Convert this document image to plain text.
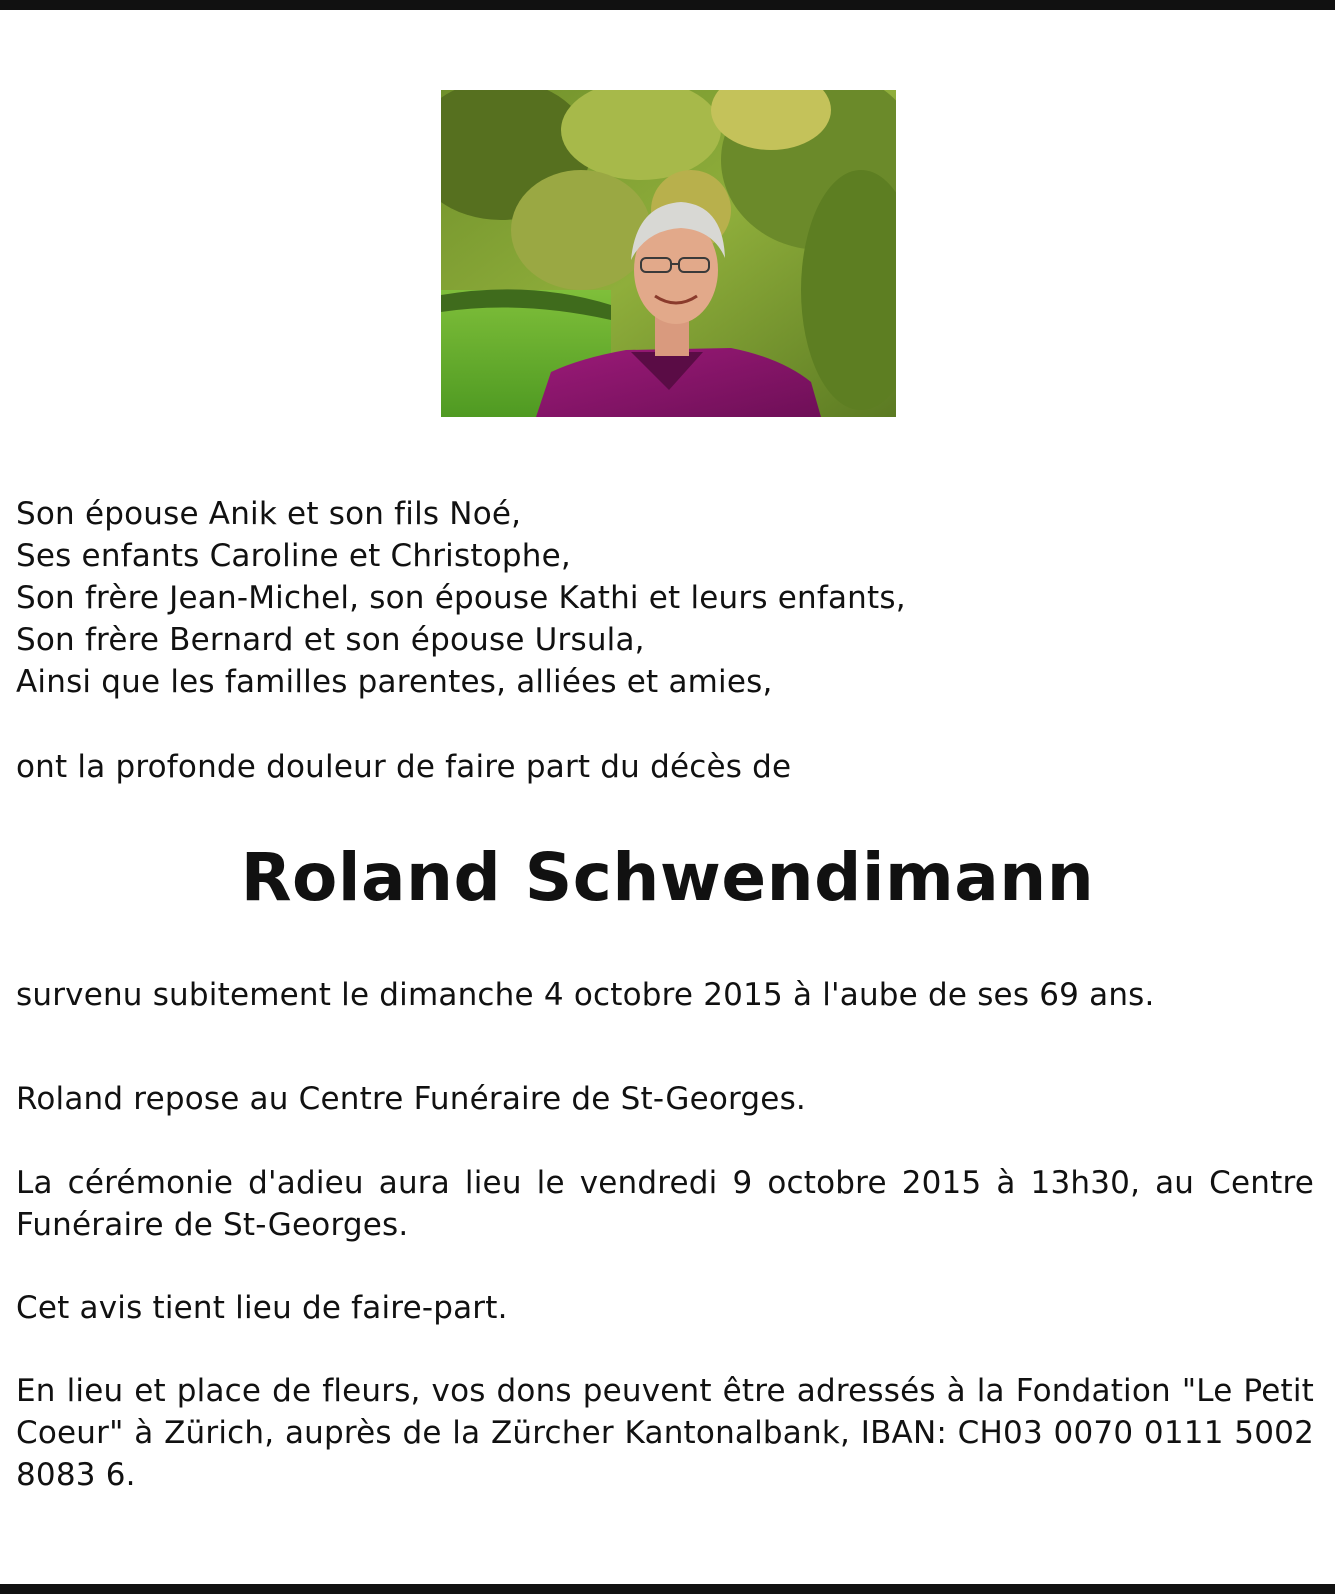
Son épouse Anik et son fils Noé,
Ses enfants Caroline et Christophe,
Son frère Jean-Michel, son épouse Kathi et leurs enfants,
Son frère Bernard et son épouse Ursula,
Ainsi que les familles parentes, alliées et amies,
ont la profonde douleur de faire part du décès de
Roland Schwendimann
survenu subitement le dimanche 4 octobre 2015 à l'aube de ses 69 ans.
Roland repose au Centre Funéraire de St-Georges.
La cérémonie d'adieu aura lieu le vendredi 9 octobre 2015 à 13h30, au Centre Funéraire de St-Georges.
Cet avis tient lieu de faire-part.
En lieu et place de fleurs, vos dons peuvent être adressés à la Fondation "Le Petit Coeur" à Zürich, auprès de la Zürcher Kantonalbank, IBAN: CH03 0070 0111 5002 8083 6.
